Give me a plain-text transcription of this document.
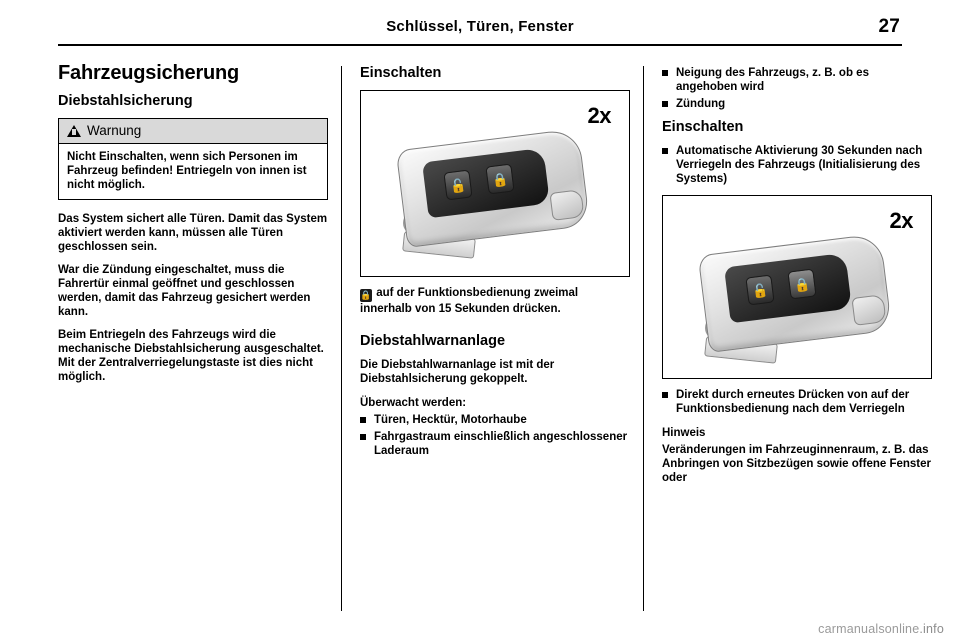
Schlüssel, Türen, Fenster	27
Fahrzeugsicherung
Diebstahlsicherung
Warnung
Nicht Einschalten, wenn sich Personen im Fahrzeug befinden! Entriegeln von innen ist nicht möglich.

Das System sichert alle Türen. Damit das System aktiviert werden kann, müssen alle Türen geschlossen sein.

War die Zündung eingeschaltet, muss die Fahrertür einmal geöffnet und geschlossen werden, damit das Fahrzeug gesichert werden kann.

Beim Entriegeln des Fahrzeugs wird die mechanische Diebstahlsicherung ausgeschaltet. Mit der Zentralverriegelungstaste ist dies nicht möglich.

Einschalten
2x
🔓	🔒

🔒 auf der Funktionsbedienung zweimal innerhalb von 15 Sekunden drücken.

Diebstahlwarnanlage

Die Diebstahlwarnanlage ist mit der Diebstahlsicherung gekoppelt.

Überwacht werden:
Türen, Hecktür, Motorhaube
Fahrgastraum einschließlich angeschlossener Laderaum
Neigung des Fahrzeugs, z. B. ob es angehoben wird
Zündung
Einschalten
Automatische Aktivierung 30 Sekunden nach Verriegeln des Fahrzeugs (Initialisierung des Systems)
2x
🔓	🔒
Direkt durch erneutes Drücken von auf der Funktionsbedienung nach dem Verriegeln
Hinweis

Veränderungen im Fahrzeuginnenraum, z. B. das Anbringen von Sitzbezügen sowie offene Fenster oder

carmanualsonline.info
